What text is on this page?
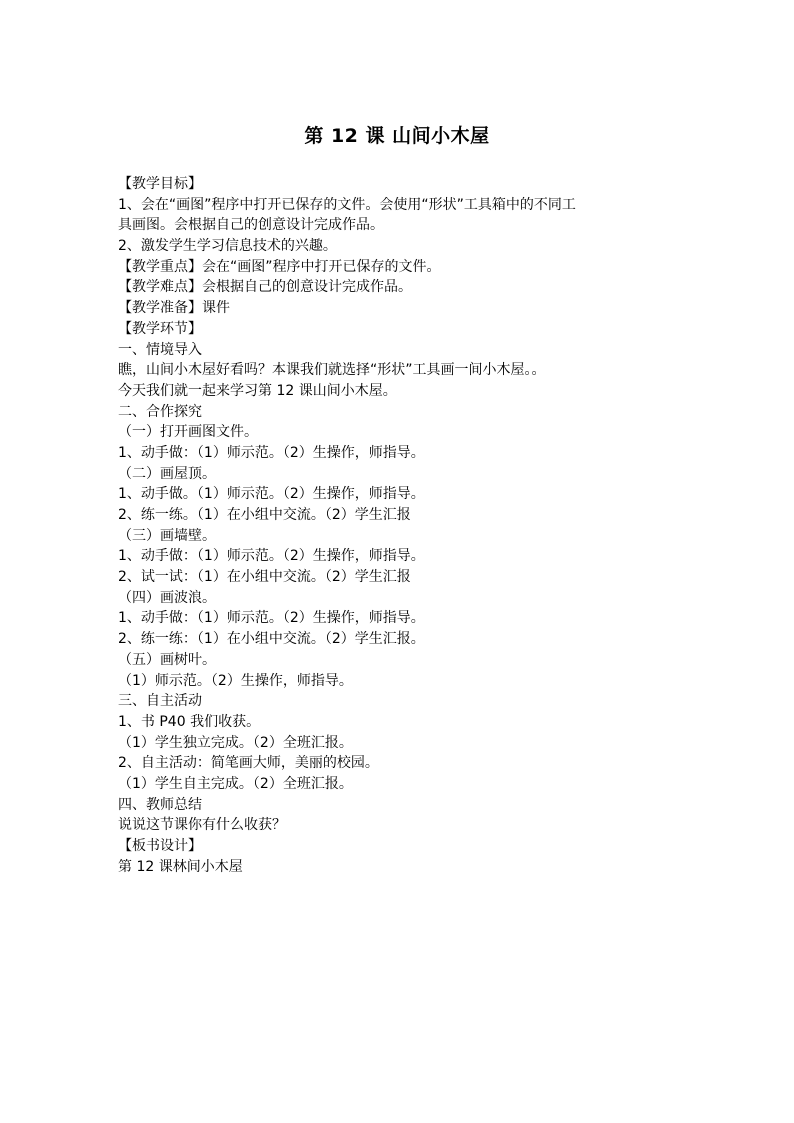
第 12 课 山间小木屋
【教学目标】
1、会在“画图”程序中打开已保存的文件。会使用“形状”工具箱中的不同工
具画图。会根据自己的创意设计完成作品。
2、激发学生学习信息技术的兴趣。
【教学重点】会在“画图”程序中打开已保存的文件。
【教学难点】会根据自己的创意设计完成作品。
【教学准备】课件
【教学环节】
一、情境导入
瞧，山间小木屋好看吗？本课我们就选择“形状”工具画一间小木屋。。
今天我们就一起来学习第 12 课山间小木屋。
二、合作探究
（一）打开画图文件。
1、动手做：（1）师示范。（2）生操作，师指导。
（二）画屋顶。
1、动手做。（1）师示范。（2）生操作，师指导。
2、练一练。（1）在小组中交流。（2）学生汇报
（三）画墙壁。
1、动手做：（1）师示范。（2）生操作，师指导。
2、试一试：（1）在小组中交流。（2）学生汇报
（四）画波浪。
1、动手做：（1）师示范。（2）生操作，师指导。
2、练一练：（1）在小组中交流。（2）学生汇报。
（五）画树叶。
（1）师示范。（2）生操作，师指导。
三、自主活动
1、书 P40 我们收获。
（1）学生独立完成。（2）全班汇报。
2、自主活动：简笔画大师，美丽的校园。
（1）学生自主完成。（2）全班汇报。
四、教师总结
说说这节课你有什么收获？
【板书设计】
第 12 课林间小木屋
